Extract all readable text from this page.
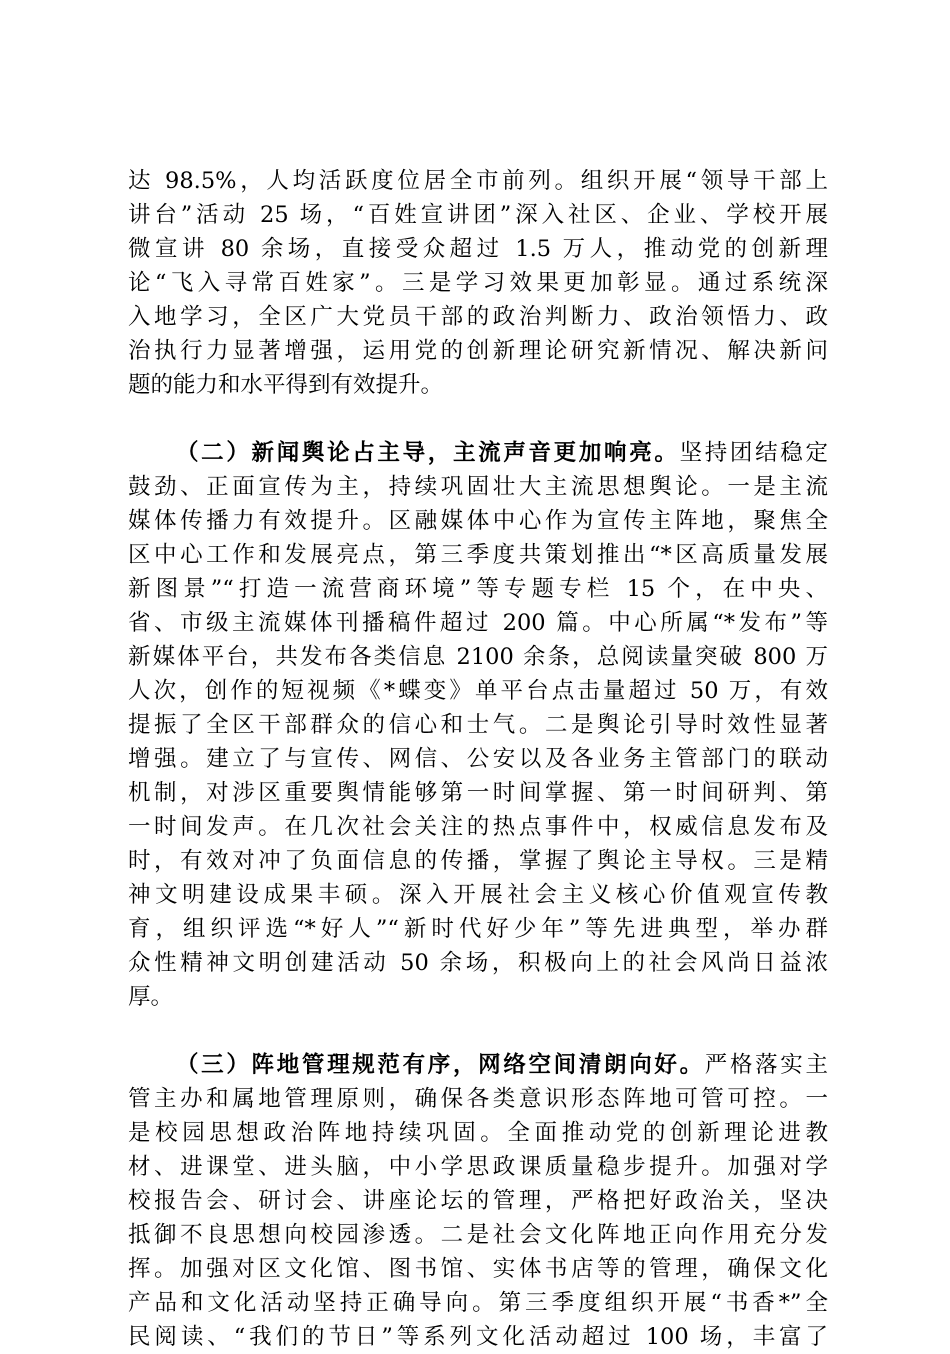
达 98.5%，人均活跃度位居全市前列。组织开展“领导干部上
讲台”活动 25 场，“百姓宣讲团”深入社区、企业、学校开展
微宣讲 80 余场，直接受众超过 1.5 万人，推动党的创新理
论“飞入寻常百姓家”。三是学习效果更加彰显。通过系统深
入地学习，全区广大党员干部的政治判断力、政治领悟力、政
治执行力显著增强，运用党的创新理论研究新情况、解决新问
题的能力和水平得到有效提升。
（二）新闻舆论占主导，主流声音更加响亮。坚持团结稳定
鼓劲、正面宣传为主，持续巩固壮大主流思想舆论。一是主流
媒体传播力有效提升。区融媒体中心作为宣传主阵地，聚焦全
区中心工作和发展亮点，第三季度共策划推出“*区高质量发展
新图景”“打造一流营商环境”等专题专栏 15 个，在中央、
省、市级主流媒体刊播稿件超过 200 篇。中心所属“*发布”等
新媒体平台，共发布各类信息 2100 余条，总阅读量突破 800 万
人次，创作的短视频《*蝶变》单平台点击量超过 50 万，有效
提振了全区干部群众的信心和士气。二是舆论引导时效性显著
增强。建立了与宣传、网信、公安以及各业务主管部门的联动
机制，对涉区重要舆情能够第一时间掌握、第一时间研判、第
一时间发声。在几次社会关注的热点事件中，权威信息发布及
时，有效对冲了负面信息的传播，掌握了舆论主导权。三是精
神文明建设成果丰硕。深入开展社会主义核心价值观宣传教
育，组织评选“*好人”“新时代好少年”等先进典型，举办群
众性精神文明创建活动 50 余场，积极向上的社会风尚日益浓
厚。
（三）阵地管理规范有序，网络空间清朗向好。严格落实主
管主办和属地管理原则，确保各类意识形态阵地可管可控。一
是校园思想政治阵地持续巩固。全面推动党的创新理论进教
材、进课堂、进头脑，中小学思政课质量稳步提升。加强对学
校报告会、研讨会、讲座论坛的管理，严格把好政治关，坚决
抵御不良思想向校园渗透。二是社会文化阵地正向作用充分发
挥。加强对区文化馆、图书馆、实体书店等的管理，确保文化
产品和文化活动坚持正确导向。第三季度组织开展“书香*”全
民阅读、“我们的节日”等系列文化活动超过 100 场，丰富了
